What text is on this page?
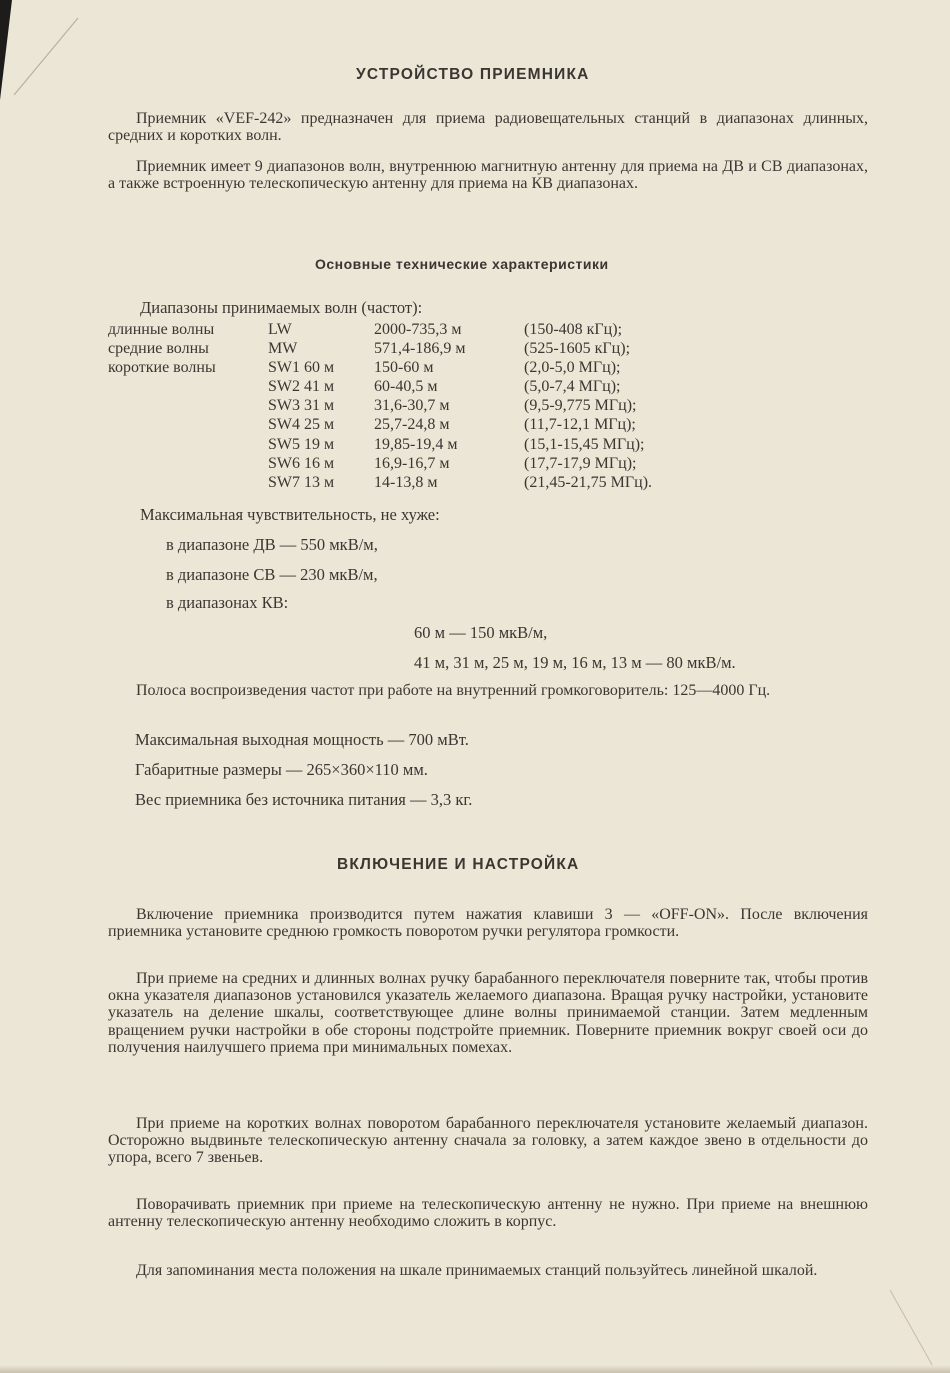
УСТРОЙСТВО ПРИЕМНИКА

Приемник «VEF-242» предназначен для приема радиовещательных станций в диапазонах длинных, средних и коротких волн.

Приемник имеет 9 диапазонов волн, внутреннюю магнитную антенну для приема на ДВ и СВ диапазонах, а также встроенную телескопическую антенну для приема на КВ диапазонах.

Основные технические характеристики

Диапазоны принимаемых волн (частот):

длинные волны	LW	2000-735,3 м	(150-408 кГц);
средние волны	MW	571,4-186,9 м	(525-1605 кГц);
короткие волны	SW1 60 м	150-60 м	(2,0-5,0 МГц);
	SW2 41 м	60-40,5 м	(5,0-7,4 МГц);
	SW3 31 м	31,6-30,7 м	(9,5-9,775 МГц);
	SW4 25 м	25,7-24,8 м	(11,7-12,1 МГц);
	SW5 19 м	19,85-19,4 м	(15,1-15,45 МГц);
	SW6 16 м	16,9-16,7 м	(17,7-17,9 МГц);
	SW7 13 м	14-13,8 м	(21,45-21,75 МГц).

Максимальная чувствительность, не хуже:

в диапазоне ДВ — 550 мкВ/м,

в диапазоне СВ — 230 мкВ/м,

в диапазонах КВ:

60 м — 150 мкВ/м,

41 м, 31 м, 25 м, 19 м, 16 м, 13 м — 80 мкВ/м.

Полоса воспроизведения частот при работе на внутренний громкоговоритель: 125—4000 Гц.

Максимальная выходная мощность — 700 мВт.

Габаритные размеры — 265×360×110 мм.

Вес приемника без источника питания — 3,3 кг.

ВКЛЮЧЕНИЕ И НАСТРОЙКА

Включение приемника производится путем нажатия клавиши 3 — «OFF-ON». После включения приемника установите среднюю громкость поворотом ручки регулятора громкости.

При приеме на средних и длинных волнах ручку барабанного переключателя поверните так, чтобы против окна указателя диапазонов установился указатель желаемого диапазона. Вращая ручку настройки, установите указатель на деление шкалы, соответствующее длине волны принимаемой станции. Затем медленным вращением ручки настройки в обе стороны подстройте приемник. Поверните приемник вокруг своей оси до получения наилучшего приема при минимальных помехах.

При приеме на коротких волнах поворотом барабанного переключателя установите желаемый диапазон. Осторожно выдвиньте телескопическую антенну сначала за головку, а затем каждое звено в отдельности до упора, всего 7 звеньев.

Поворачивать приемник при приеме на телескопическую антенну не нужно. При приеме на внешнюю антенну телескопическую антенну необходимо сложить в корпус.

Для запоминания места положения на шкале принимаемых станций пользуйтесь линейной шкалой.
